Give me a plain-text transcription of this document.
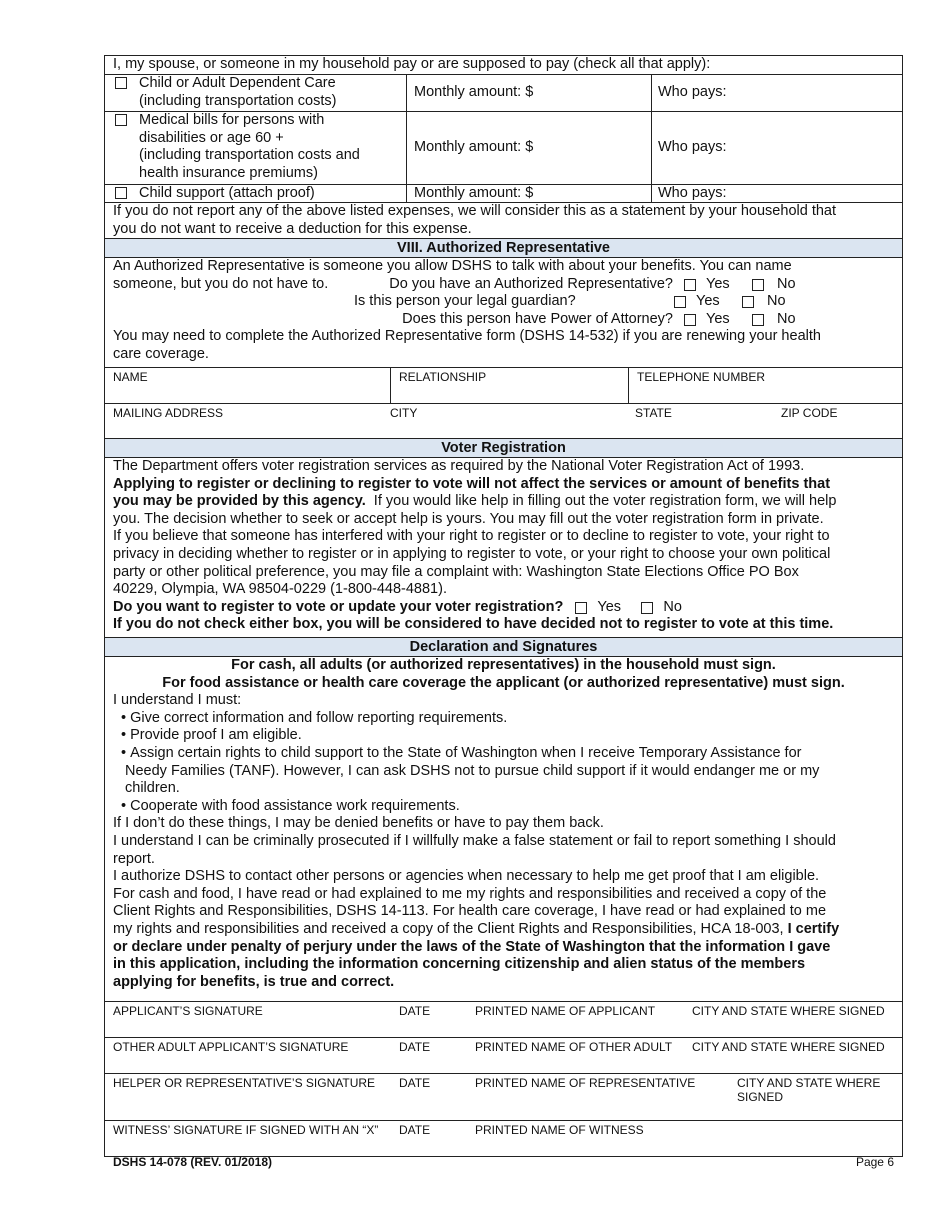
I, my spouse, or someone in my household pay or are supposed to pay (check all that apply):
Child or Adult Dependent Care
(including transportation costs)
Monthly amount: $	Who pays:
Medical bills for persons with
disabilities or age 60 +
(including transportation costs and
health insurance premiums)
Monthly amount: $	Who pays:
Child support (attach proof)	Monthly amount: $	Who pays:
If you do not report any of the above listed expenses, we will consider this as a statement by your household that
you do not want to receive a deduction for this expense.
VIII. Authorized Representative
An Authorized Representative is someone you allow DSHS to talk with about your benefits. You can name
someone, but you do not have to.	Do you have an Authorized Representative?	Yes	No
Is this person your legal guardian?	Yes	No
Does this person have Power of Attorney?	Yes	No
You may need to complete the Authorized Representative form (DSHS 14-532) if you are renewing your health
care coverage.
NAME	RELATIONSHIP	TELEPHONE NUMBER
MAILING ADDRESS	CITY	STATE	ZIP CODE
Voter Registration
The Department offers voter registration services as required by the National Voter Registration Act of 1993.
Applying to register or declining to register to vote will not affect the services or amount of benefits that
you may be provided by this agency.  If you would like help in filling out the voter registration form, we will help
you. The decision whether to seek or accept help is yours. You may fill out the voter registration form in private.
If you believe that someone has interfered with your right to register or to decline to register to vote, your right to
privacy in deciding whether to register or in applying to register to vote, or your right to choose your own political
party or other political preference, you may file a complaint with: Washington State Elections Office PO Box
40229, Olympia, WA 98504-0229 (1-800-448-4881).
Do you want to register to vote or update your voter registration?	Yes	No
If you do not check either box, you will be considered to have decided not to register to vote at this time.
Declaration and Signatures
For cash, all adults (or authorized representatives) in the household must sign.
For food assistance or health care coverage the applicant (or authorized representative) must sign.
I understand I must:
• Give correct information and follow reporting requirements.
• Provide proof I am eligible.
• Assign certain rights to child support to the State of Washington when I receive Temporary Assistance for
Needy Families (TANF). However, I can ask DSHS not to pursue child support if it would endanger me or my
children.
• Cooperate with food assistance work requirements.
If I don’t do these things, I may be denied benefits or have to pay them back.
I understand I can be criminally prosecuted if I willfully make a false statement or fail to report something I should
report.
I authorize DSHS to contact other persons or agencies when necessary to help me get proof that I am eligible.
For cash and food, I have read or had explained to me my rights and responsibilities and received a copy of the
Client Rights and Responsibilities, DSHS 14-113. For health care coverage, I have read or had explained to me
my rights and responsibilities and received a copy of the Client Rights and Responsibilities, HCA 18-003, I certify
or declare under penalty of perjury under the laws of the State of Washington that the information I gave
in this application, including the information concerning citizenship and alien status of the members
applying for benefits, is true and correct.
APPLICANT’S SIGNATURE	DATE	PRINTED NAME OF APPLICANT	CITY AND STATE WHERE SIGNED
OTHER ADULT APPLICANT’S SIGNATURE	DATE	PRINTED NAME OF OTHER ADULT CITY AND STATE WHERE SIGNED
HELPER OR REPRESENTATIVE’S SIGNATURE DATE	PRINTED NAME OF REPRESENTATIVE	CITY AND STATE WHERE SIGNED
WITNESS’ SIGNATURE IF SIGNED WITH AN “X” DATE	PRINTED NAME OF WITNESS
DSHS 14-078 (REV. 01/2018)	Page 6
